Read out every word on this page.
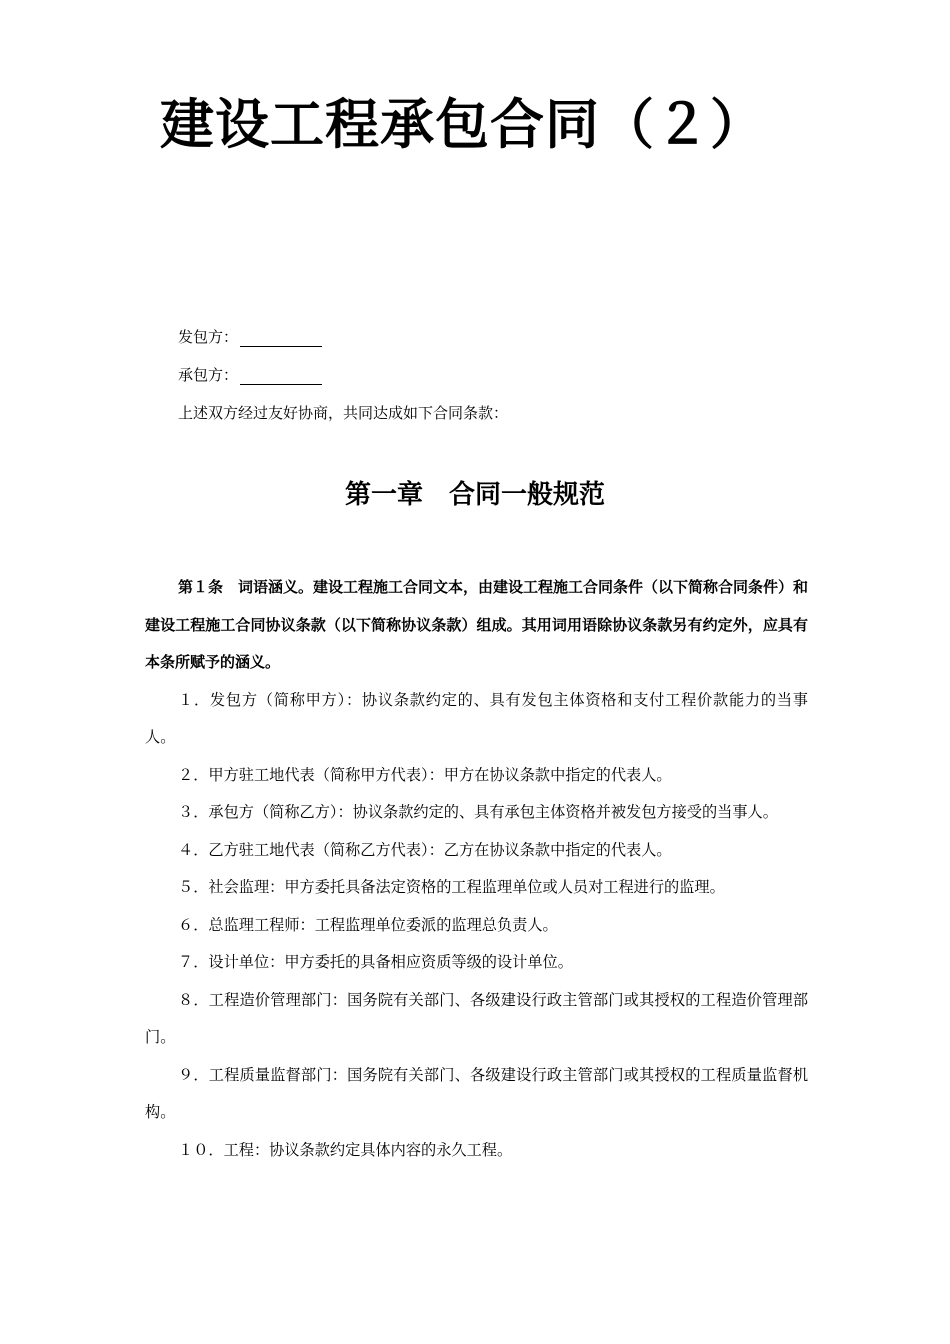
建设工程承包合同（２）
发包方：
承包方：
上述双方经过友好协商，共同达成如下合同条款：
第一章　合同一般规范

第１条　词语涵义。建设工程施工合同文本，由建设工程施工合同条件（以下简称合同条件）和建设工程施工合同协议条款（以下简称协议条款）组成。其用词用语除协议条款另有约定外，应具有本条所赋予的涵义。

１．发包方（简称甲方）：协议条款约定的、具有发包主体资格和支付工程价款能力的当事人。

２．甲方驻工地代表（简称甲方代表）：甲方在协议条款中指定的代表人。

３．承包方（简称乙方）：协议条款约定的、具有承包主体资格并被发包方接受的当事人。

４．乙方驻工地代表（简称乙方代表）：乙方在协议条款中指定的代表人。

５．社会监理：甲方委托具备法定资格的工程监理单位或人员对工程进行的监理。

６．总监理工程师：工程监理单位委派的监理总负责人。

７．设计单位：甲方委托的具备相应资质等级的设计单位。

８．工程造价管理部门：国务院有关部门、各级建设行政主管部门或其授权的工程造价管理部门。

９．工程质量监督部门：国务院有关部门、各级建设行政主管部门或其授权的工程质量监督机构。

１０．工程：协议条款约定具体内容的永久工程。
